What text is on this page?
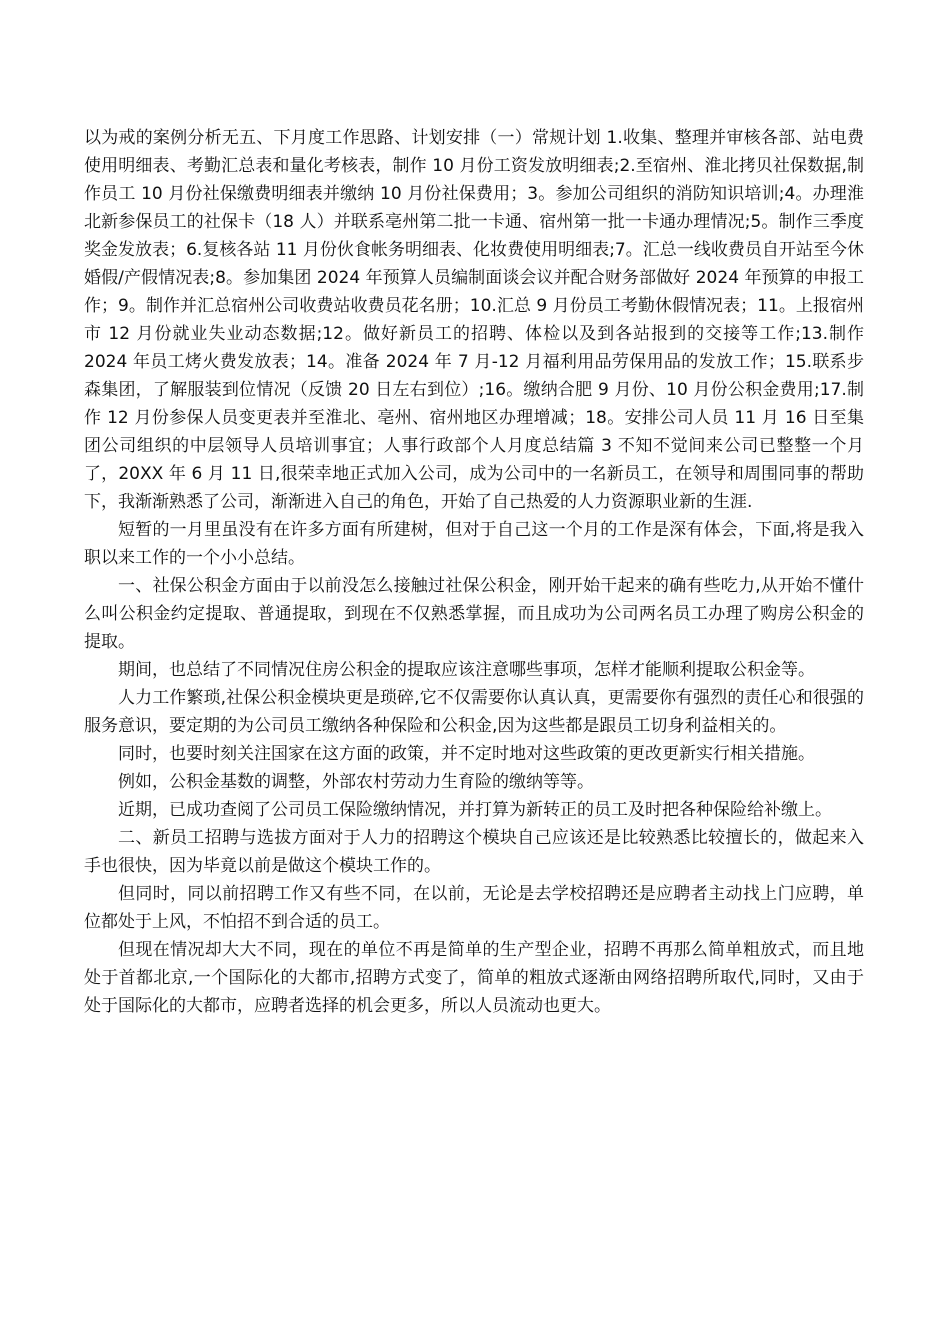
以为戒的案例分析无五、下月度工作思路、计划安排（一）常规计划 1.收集、整理并审核各部、站电费使用明细表、考勤汇总表和量化考核表，制作 10 月份工资发放明细表;2.至宿州、淮北拷贝社保数据,制作员工 10 月份社保缴费明细表并缴纳 10 月份社保费用；3。参加公司组织的消防知识培训;4。办理淮北新参保员工的社保卡（18 人）并联系亳州第二批一卡通、宿州第一批一卡通办理情况;5。制作三季度奖金发放表；6.复核各站 11 月份伙食帐务明细表、化妆费使用明细表;7。汇总一线收费员自开站至今休婚假/产假情况表;8。参加集团 2024 年预算人员编制面谈会议并配合财务部做好 2024 年预算的申报工作；9。制作并汇总宿州公司收费站收费员花名册；10.汇总 9 月份员工考勤休假情况表；11。上报宿州市 12 月份就业失业动态数据;12。做好新员工的招聘、体检以及到各站报到的交接等工作;13.制作 2024 年员工烤火费发放表；14。准备 2024 年 7 月-12 月福利用品劳保用品的发放工作；15.联系步森集团，了解服装到位情况（反馈 20 日左右到位）;16。缴纳合肥 9 月份、10 月份公积金费用;17.制作 12 月份参保人员变更表并至淮北、亳州、宿州地区办理增减；18。安排公司人员 11 月 16 日至集团公司组织的中层领导人员培训事宜；人事行政部个人月度总结篇 3 不知不觉间来公司已整整一个月了，20XX 年 6 月 11 日,很荣幸地正式加入公司，成为公司中的一名新员工，在领导和周围同事的帮助下，我渐渐熟悉了公司，渐渐进入自己的角色，开始了自己热爱的人力资源职业新的生涯.

短暂的一月里虽没有在许多方面有所建树，但对于自己这一个月的工作是深有体会，下面,将是我入职以来工作的一个小小总结。

一、社保公积金方面由于以前没怎么接触过社保公积金，刚开始干起来的确有些吃力,从开始不懂什么叫公积金约定提取、普通提取，到现在不仅熟悉掌握，而且成功为公司两名员工办理了购房公积金的提取。

期间，也总结了不同情况住房公积金的提取应该注意哪些事项，怎样才能顺利提取公积金等。

人力工作繁琐,社保公积金模块更是琐碎,它不仅需要你认真认真，更需要你有强烈的责任心和很强的服务意识，要定期的为公司员工缴纳各种保险和公积金,因为这些都是跟员工切身利益相关的。

同时，也要时刻关注国家在这方面的政策，并不定时地对这些政策的更改更新实行相关措施。

例如，公积金基数的调整，外部农村劳动力生育险的缴纳等等。

近期，已成功查阅了公司员工保险缴纳情况，并打算为新转正的员工及时把各种保险给补缴上。

二、新员工招聘与选拔方面对于人力的招聘这个模块自己应该还是比较熟悉比较擅长的，做起来入手也很快，因为毕竟以前是做这个模块工作的。

但同时，同以前招聘工作又有些不同，在以前，无论是去学校招聘还是应聘者主动找上门应聘，单位都处于上风，不怕招不到合适的员工。

但现在情况却大大不同，现在的单位不再是简单的生产型企业，招聘不再那么简单粗放式，而且地处于首都北京,一个国际化的大都市,招聘方式变了，简单的粗放式逐渐由网络招聘所取代,同时，又由于处于国际化的大都市，应聘者选择的机会更多，所以人员流动也更大。
